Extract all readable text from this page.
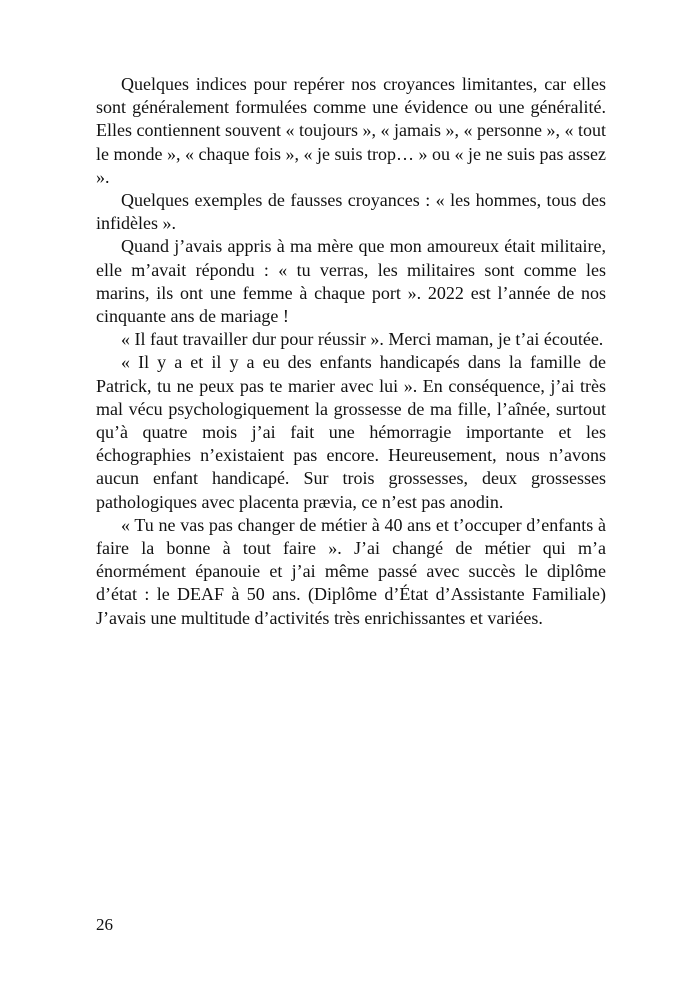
Quelques indices pour repérer nos croyances limitantes, car elles sont généralement formulées comme une évidence ou une généralité. Elles contiennent souvent « toujours », « jamais », « personne », « tout le monde », « chaque fois », « je suis trop… » ou « je ne suis pas assez ».

Quelques exemples de fausses croyances : « les hommes, tous des infidèles ».

Quand j’avais appris à ma mère que mon amoureux était militaire, elle m’avait répondu : « tu verras, les militaires sont comme les marins, ils ont une femme à chaque port ». 2022 est l’année de nos cinquante ans de mariage !

« Il faut travailler dur pour réussir ». Merci maman, je t’ai écoutée.

« Il y a et il y a eu des enfants handicapés dans la famille de Patrick, tu ne peux pas te marier avec lui ». En conséquence, j’ai très mal vécu psychologiquement la grossesse de ma fille, l’aînée, surtout qu’à quatre mois j’ai fait une hémorragie importante et les échographies n’existaient pas encore. Heureusement, nous n’avons aucun enfant handicapé. Sur trois grossesses, deux grossesses pathologiques avec placenta prævia, ce n’est pas anodin.

« Tu ne vas pas changer de métier à 40 ans et t’occuper d’enfants à faire la bonne à tout faire ». J’ai changé de métier qui m’a énormément épanouie et j’ai même passé avec succès le diplôme d’état : le DEAF à 50 ans. (Diplôme d’État d’Assistante Familiale) J’avais une multitude d’activités très enrichissantes et variées.

26
